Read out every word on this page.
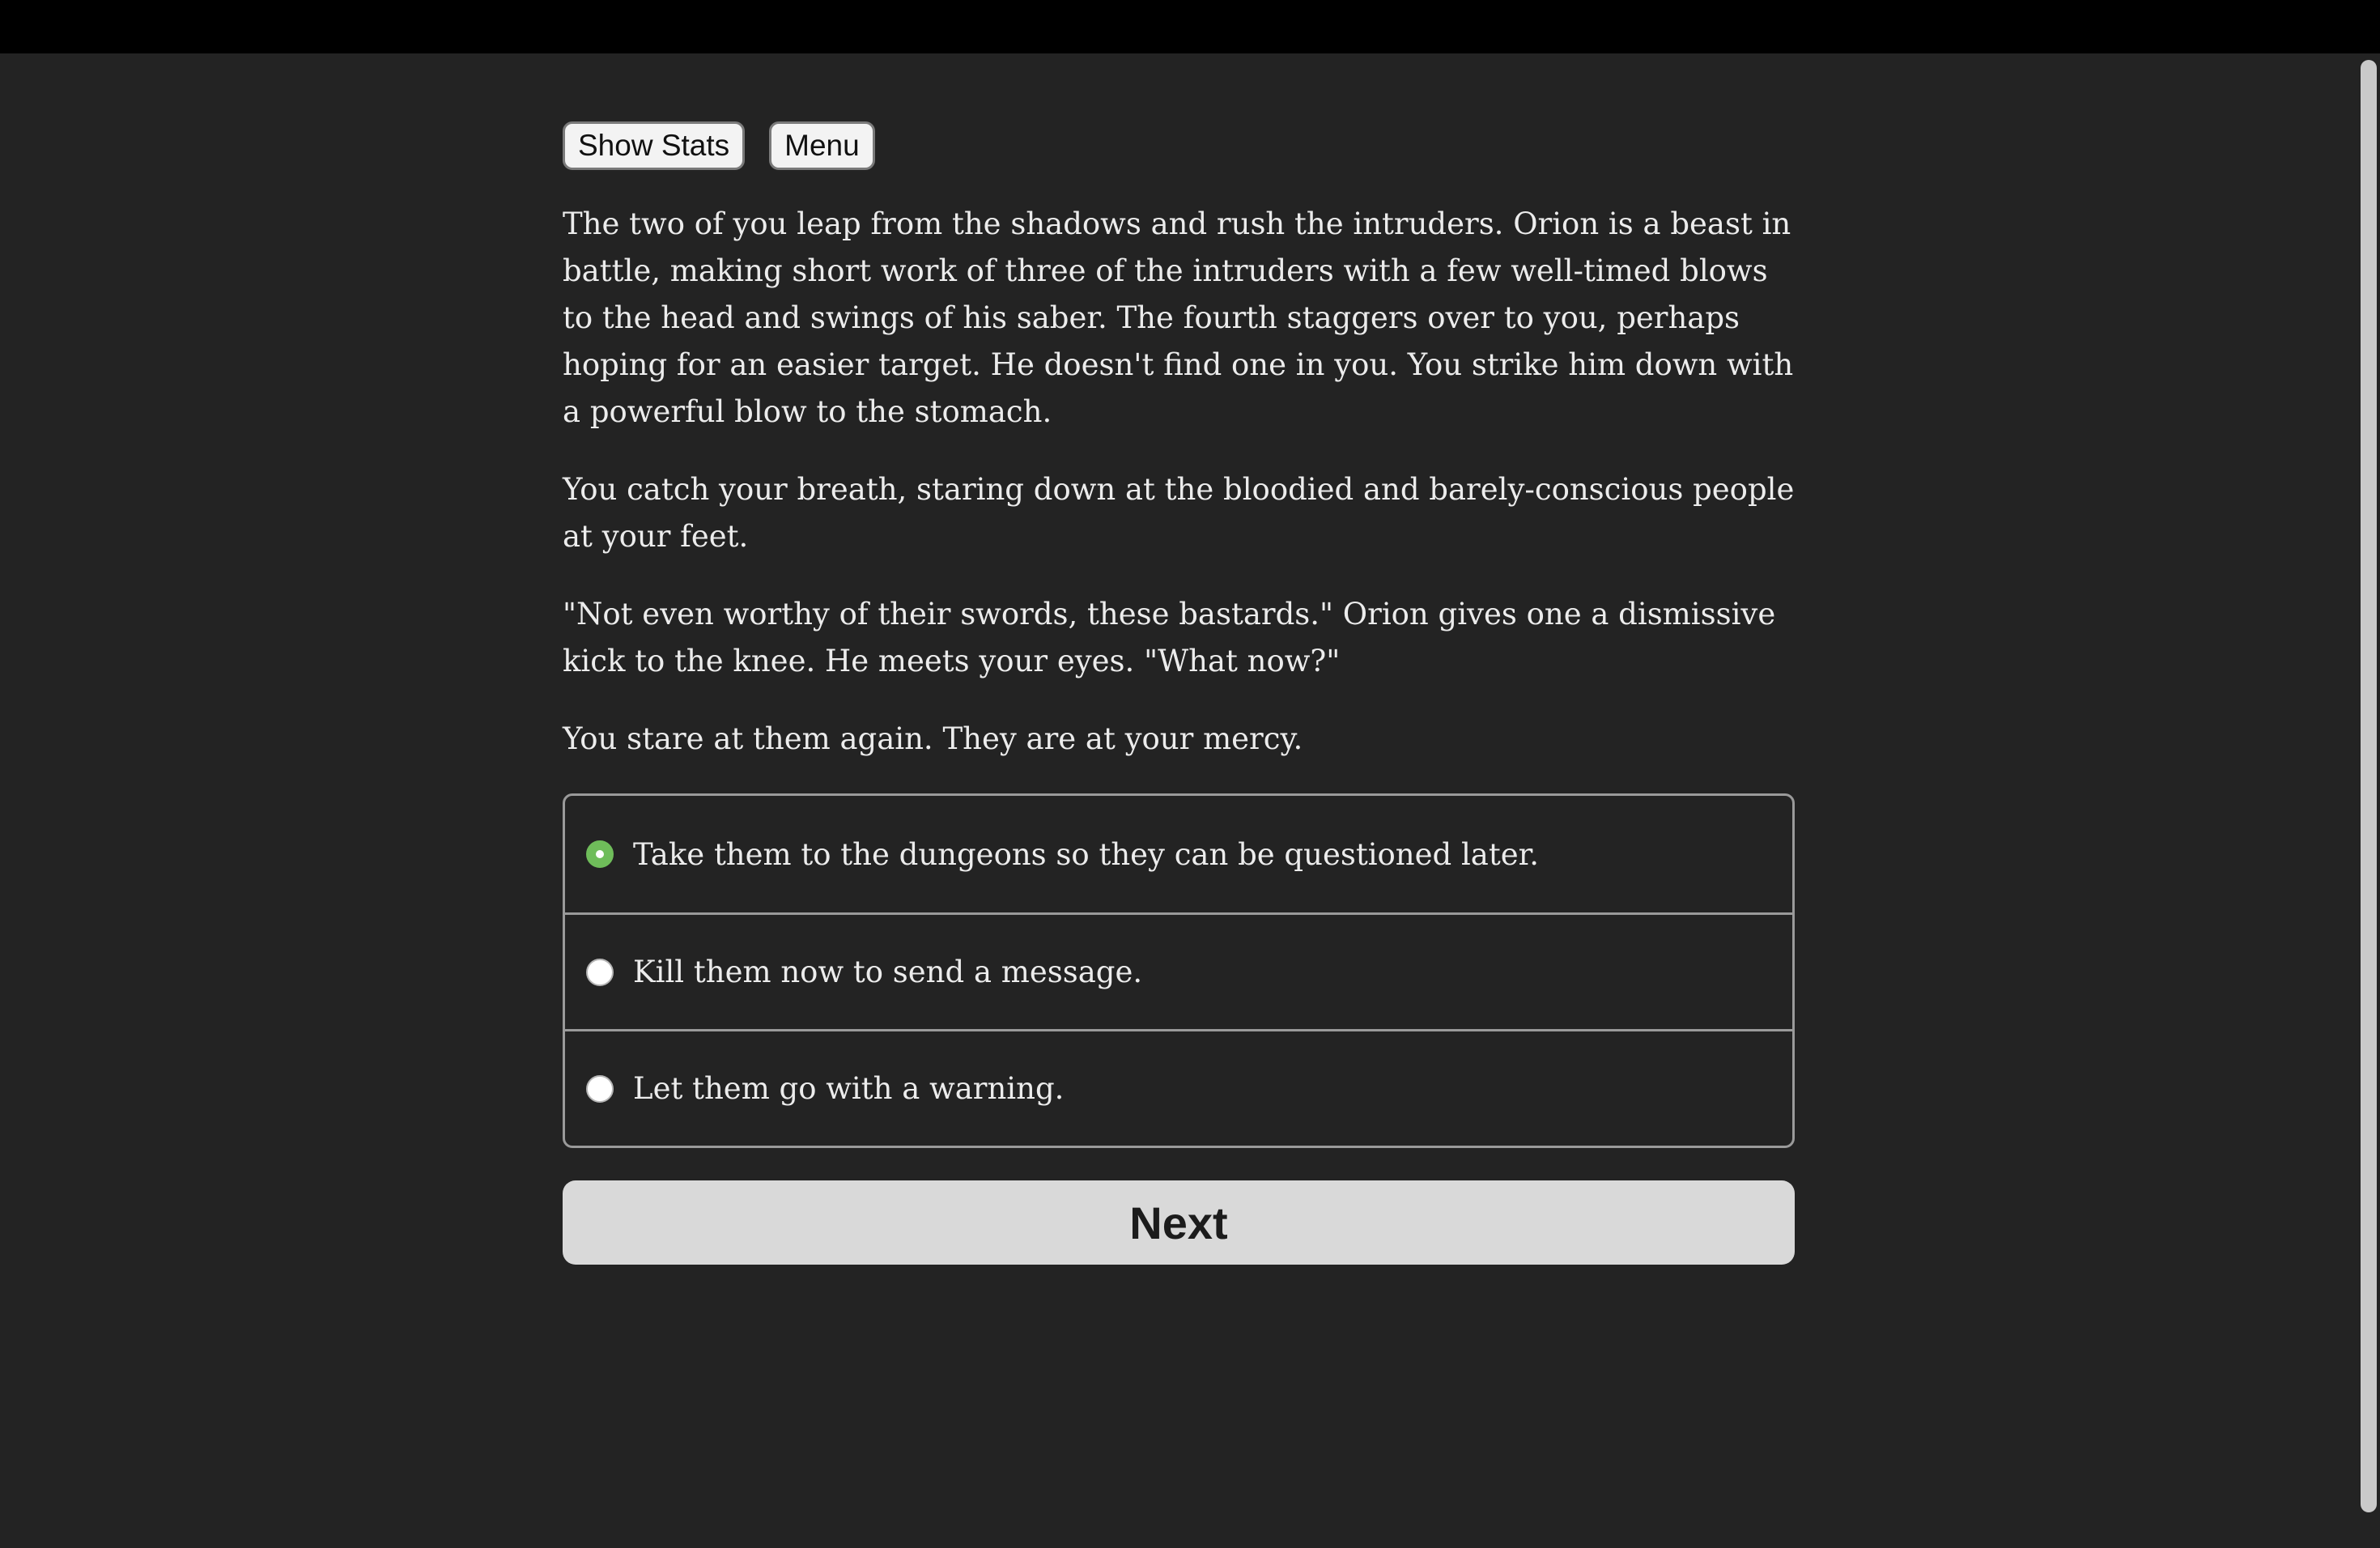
Show Stats	Menu

The two of you leap from the shadows and rush the intruders. Orion is a beast in battle, making short work of three of the intruders with a few well-timed blows to the head and swings of his saber. The fourth staggers over to you, perhaps hoping for an easier target. He doesn't find one in you. You strike him down with a powerful blow to the stomach.

You catch your breath, staring down at the bloodied and barely-conscious people at your feet.

"Not even worthy of their swords, these bastards." Orion gives one a dismissive kick to the knee. He meets your eyes. "What now?"

You stare at them again. They are at your mercy.

Take them to the dungeons so they can be questioned later.
Kill them now to send a message.
Let them go with a warning.
Next
